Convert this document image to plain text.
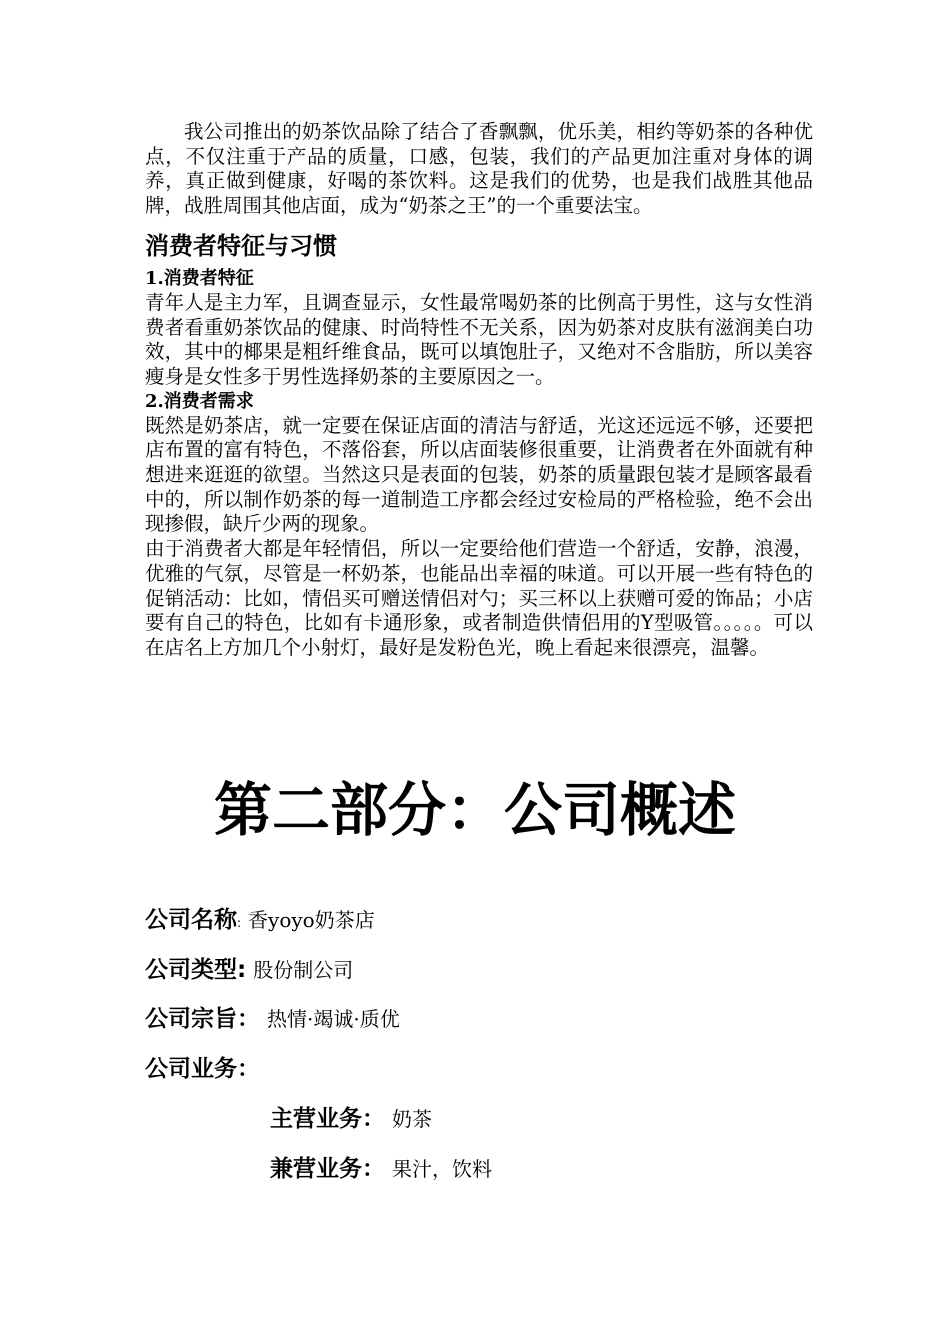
我公司推出的奶茶饮品除了结合了香飘飘，优乐美，相约等奶茶的各种优点，不仅注重于产品的质量，口感，包装，我们的产品更加注重对身体的调养，真正做到健康，好喝的茶饮料。这是我们的优势，也是我们战胜其他品牌，战胜周围其他店面，成为“奶茶之王”的一个重要法宝。

消费者特征与习惯
1.消费者特征

青年人是主力军，且调查显示，女性最常喝奶茶的比例高于男性，这与女性消费者看重奶茶饮品的健康、时尚特性不无关系，因为奶茶对皮肤有滋润美白功效，其中的椰果是粗纤维食品，既可以填饱肚子，又绝对不含脂肪，所以美容瘦身是女性多于男性选择奶茶的主要原因之一。

2.消费者需求

既然是奶茶店，就一定要在保证店面的清洁与舒适，光这还远远不够，还要把店布置的富有特色，不落俗套，所以店面装修很重要，让消费者在外面就有种想进来逛逛的欲望。当然这只是表面的包装，奶茶的质量跟包装才是顾客最看中的，所以制作奶茶的每一道制造工序都会经过安检局的严格检验，绝不会出现掺假，缺斤少两的现象。

由于消费者大都是年轻情侣，所以一定要给他们营造一个舒适，安静，浪漫，优雅的气氛，尽管是一杯奶茶，也能品出幸福的味道。可以开展一些有特色的促销活动：比如，情侣买可赠送情侣对勺；买三杯以上获赠可爱的饰品；小店要有自己的特色，比如有卡通形象，或者制造供情侣用的Y型吸管。。。。。可以在店名上方加几个小射灯，最好是发粉色光，晚上看起来很漂亮，温馨。

第二部分：公司概述
公司名称: 香yoyo奶茶店
公司类型: 股份制公司
公司宗旨： 热情·竭诚·质优
公司业务：
主营业务： 奶茶
兼营业务： 果汁，饮料
